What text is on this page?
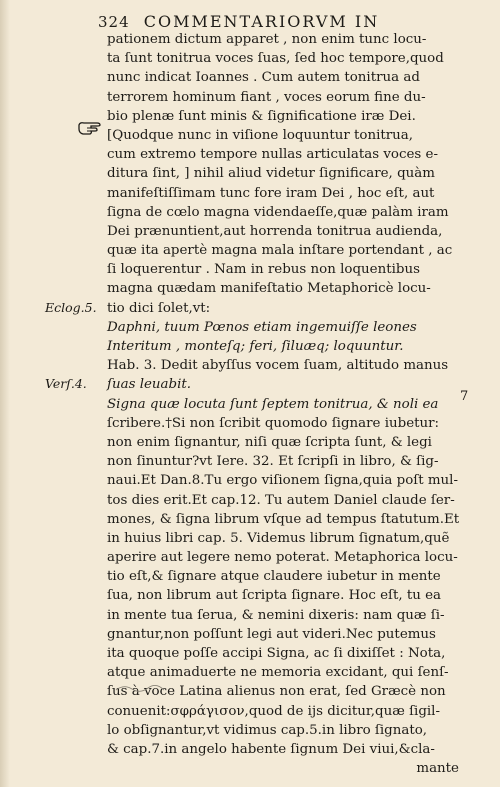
324 COMMENTARIORVM IN
Eclog.5.
Verſ.4.
7
pationem dictum apparet , non enim tunc locu-
ta ſunt tonitrua voces ſuas, ſed hoc tempore,quod
nunc indicat Ioannes . Cum autem tonitrua ad
terrorem hominum fiant , voces eorum fine du-
bio plenæ ſunt minis & ſignificatione iræ Dei.
[Quodque nunc in viſione loquuntur tonitrua,
cum extremo tempore nullas articulatas voces e-
ditura ſint, ] nihil aliud videtur ſignificare, quàm
manifeſtiſſimam tunc fore iram Dei , hoc eſt, aut
ſigna de cœlo magna videndaeſſe,quæ palàm iram
Dei prænuntient,aut horrenda tonitrua audienda,
quæ ita apertè magna mala inſtare portendant , ac
ſi loquerentur . Nam in rebus non loquentibus
magna quædam manifeſtatio Metaphoricè locu-
tio dici ſolet,vt:
Daphni, tuum Pœnos etiam ingemuiſſe leones
Interitum , monteſq; feri, ſiluæq; loquuntur.
Hab. 3. Dedit abyſſus vocem ſuam, altitudo manus
ſuas leuabit.
Signa quæ locuta ſunt ſeptem tonitrua, & noli ea
ſcribere.†Si non ſcribit quomodo ſignare iubetur:
non enim ſignantur, niſi quæ ſcripta ſunt, & legi
non ſinuntur?vt Iere. 32. Et ſcripſi in libro, & ſig-
naui.Et Dan.8.Tu ergo viſionem ſigna,quia poſt mul-
tos dies erit.Et cap.12. Tu autem Daniel claude ſer-
mones, & ſigna librum vſque ad tempus ſtatutum.Et
in huius libri cap. 5. Videmus librum ſignatum,quẽ
aperire aut legere nemo poterat. Metaphorica locu-
tio eſt,& ſignare atque claudere iubetur in mente
ſua, non librum aut ſcripta ſignare. Hoc eſt, tu ea
in mente tua ſerua, & nemini dixeris: nam quæ ſi-
gnantur,non poſſunt legi aut videri.Nec putemus
ita quoque poſſe accipi Signa, ac ſi dixiſſet : Nota,
atque animaduerte ne memoria excidant, qui ſenſ-
ſus à voce Latina alienus non erat, ſed Græcè non
conuenit:σφράγισον,quod de ijs dicitur,quæ ſigil-
lo obſignantur,vt vidimus cap.5.in libro ſignato,
& cap.7.in angelo habente ſignum Dei viui,&cla-
mante
